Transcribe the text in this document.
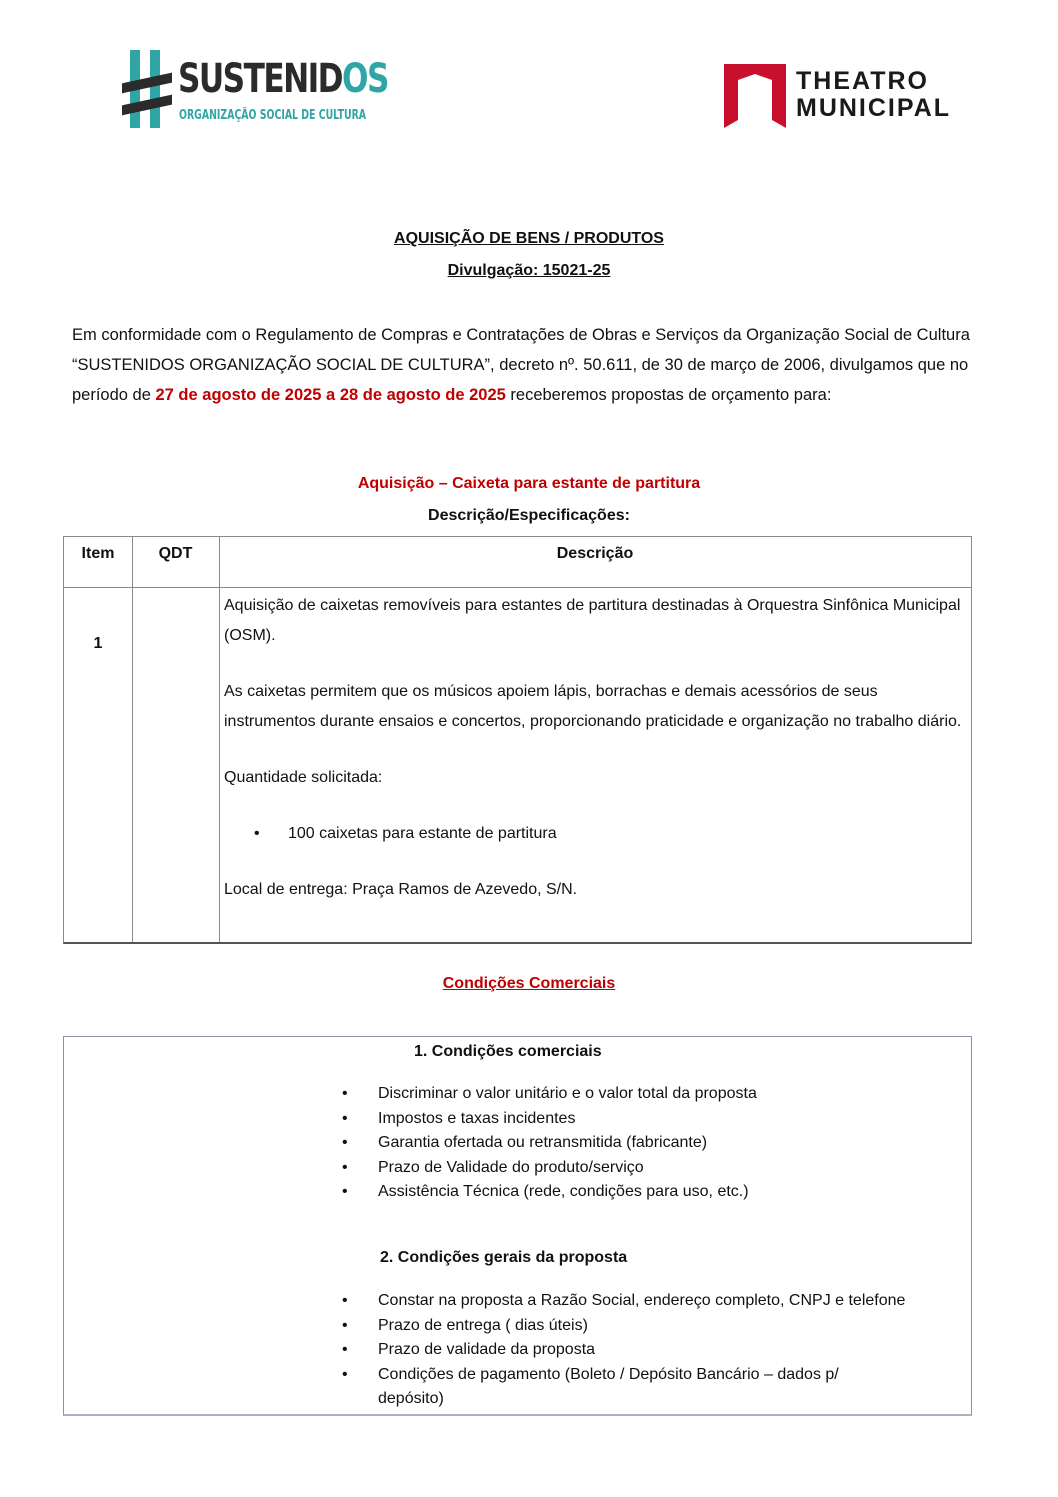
SUSTENIDOS
ORGANIZAÇÃO SOCIAL DE CULTURA
THEATRO
MUNICIPAL
AQUISIÇÃO DE BENS / PRODUTOS
Divulgação: 15021-25
Em conformidade com o Regulamento de Compras e Contratações de Obras e Serviços da Organização Social de Cultura “SUSTENIDOS ORGANIZAÇÃO SOCIAL DE CULTURA”, decreto nº. 50.611, de 30 de março de 2006, divulgamos que no período de 27 de agosto de 2025 a 28 de agosto de 2025 receberemos propostas de orçamento para:
Aquisição – Caixeta para estante de partitura
Descrição/Especificações:
Item	QDT	Descrição
1

Aquisição de caixetas removíveis para estantes de partitura destinadas à Orquestra Sinfônica Municipal (OSM).

As caixetas permitem que os músicos apoiem lápis, borrachas e demais acessórios de seus instrumentos durante ensaios e concertos, proporcionando praticidade e organização no trabalho diário.

Quantidade solicitada:

• 100 caixetas para estante de partitura

Local de entrega: Praça Ramos de Azevedo, S/N.

Condições Comerciais
1. Condições comerciais
• Discriminar o valor unitário e o valor total da proposta
• Impostos e taxas incidentes
• Garantia ofertada ou retransmitida (fabricante)
• Prazo de Validade do produto/serviço
• Assistência Técnica (rede, condições para uso, etc.)
2. Condições gerais da proposta
• Constar na proposta a Razão Social, endereço completo, CNPJ e telefone
• Prazo de entrega ( dias úteis)
• Prazo de validade da proposta
• Condições de pagamento (Boleto / Depósito Bancário – dados p/ depósito)
